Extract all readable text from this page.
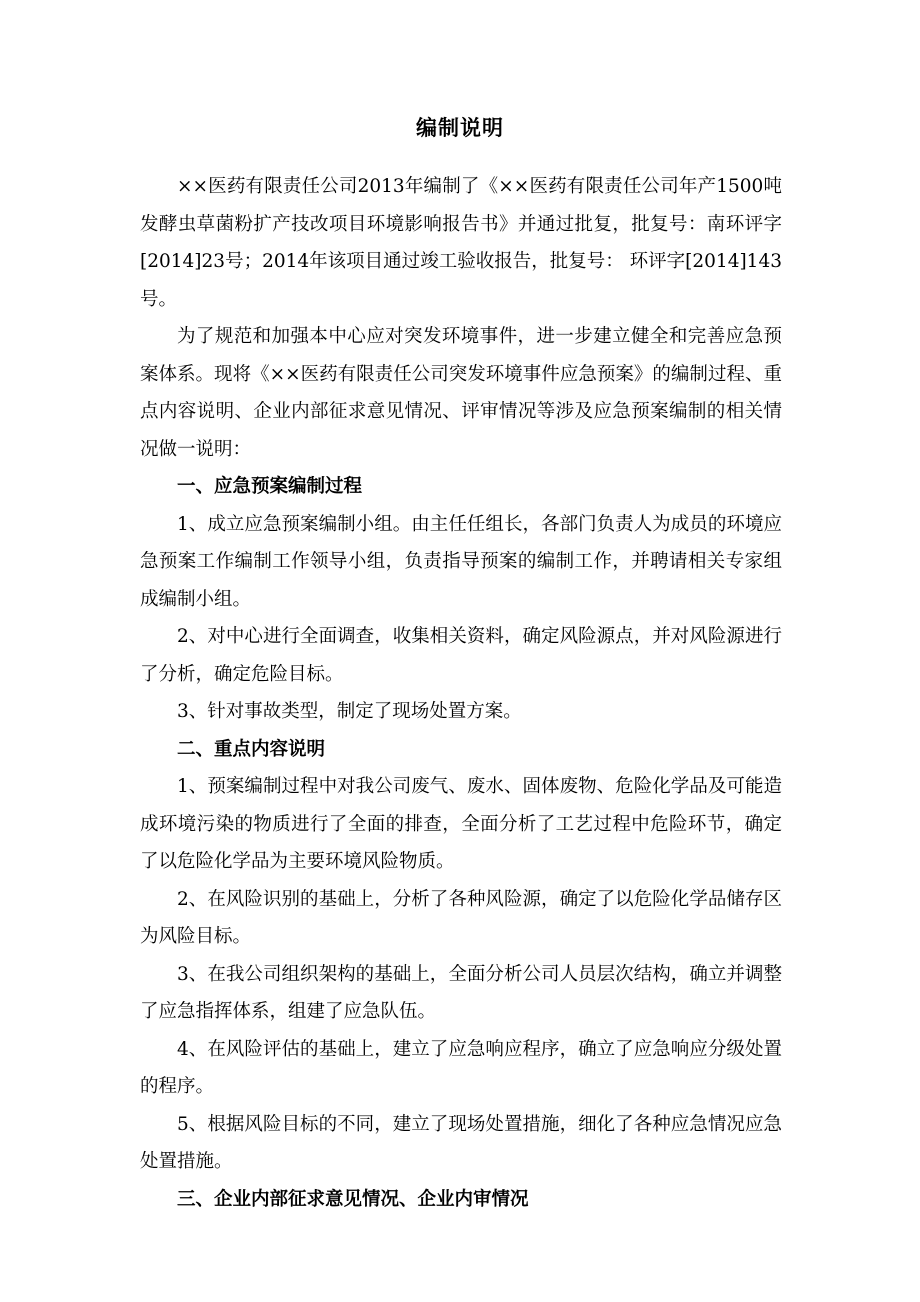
编制说明

××医药有限责任公司2013年编制了《××医药有限责任公司年产1500吨发酵虫草菌粉扩产技改项目环境影响报告书》并通过批复，批复号：南环评字[2014]23号；2014年该项目通过竣工验收报告，批复号： 环评字[2014]143号。

为了规范和加强本中心应对突发环境事件，进一步建立健全和完善应急预案体系。现将《××医药有限责任公司突发环境事件应急预案》的编制过程、重点内容说明、企业内部征求意见情况、评审情况等涉及应急预案编制的相关情况做一说明：

一、应急预案编制过程

1、成立应急预案编制小组。由主任任组长，各部门负责人为成员的环境应急预案工作编制工作领导小组，负责指导预案的编制工作，并聘请相关专家组成编制小组。

2、对中心进行全面调查，收集相关资料，确定风险源点，并对风险源进行了分析，确定危险目标。

3、针对事故类型，制定了现场处置方案。

二、重点内容说明

1、预案编制过程中对我公司废气、废水、固体废物、危险化学品及可能造成环境污染的物质进行了全面的排查，全面分析了工艺过程中危险环节，确定了以危险化学品为主要环境风险物质。

2、在风险识别的基础上，分析了各种风险源，确定了以危险化学品储存区为风险目标。

3、在我公司组织架构的基础上，全面分析公司人员层次结构，确立并调整了应急指挥体系，组建了应急队伍。

4、在风险评估的基础上，建立了应急响应程序，确立了应急响应分级处置的程序。

5、根据风险目标的不同，建立了现场处置措施，细化了各种应急情况应急处置措施。

三、企业内部征求意见情况、企业内审情况
